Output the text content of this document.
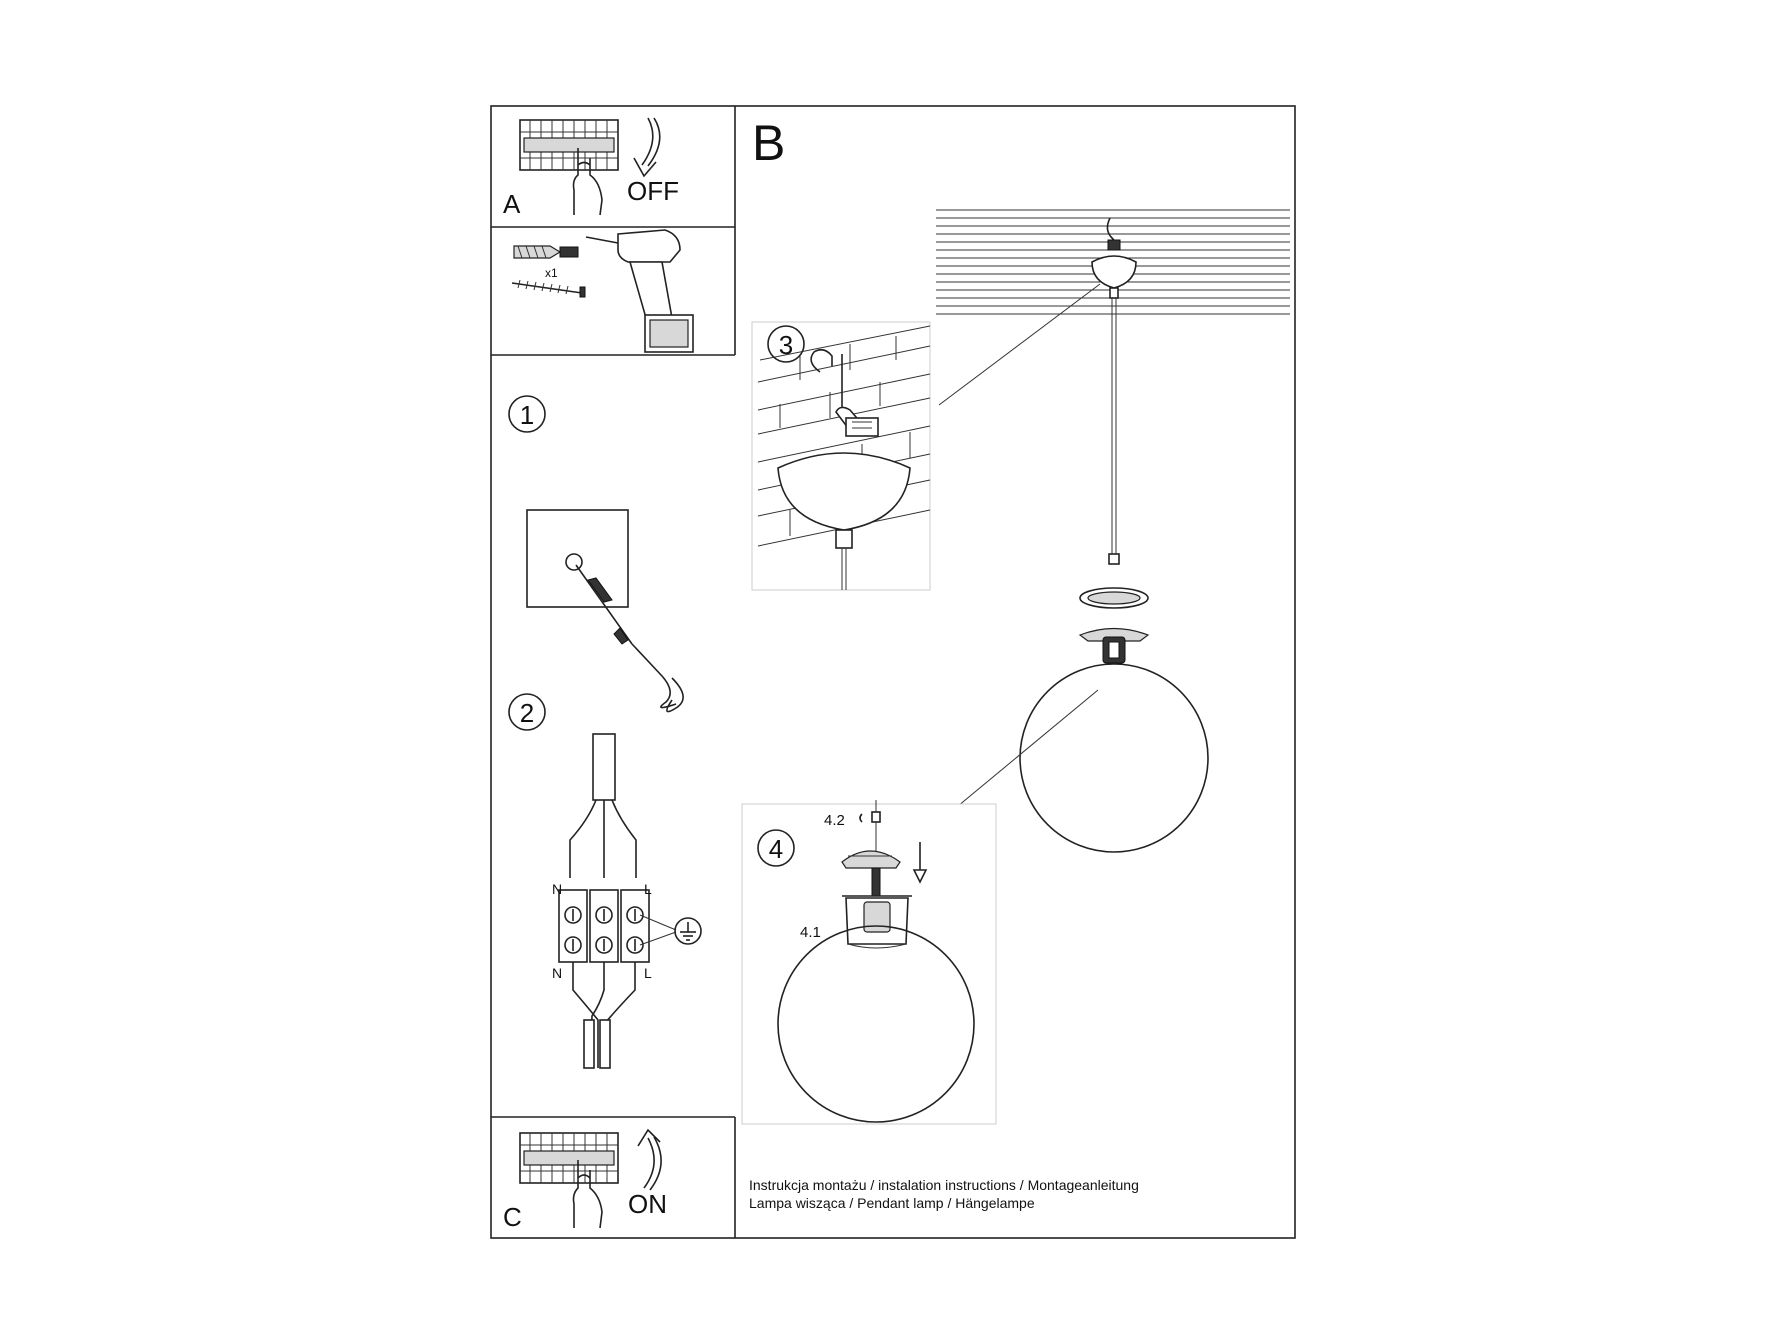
A	OFF
x1
1
2
N	L
N	L
C	ON
B
3
4
4.2
4.1
Instrukcja montażu / instalation instructions / Montageanleitung
Lampa wisząca / Pendant lamp / Hängelampe
